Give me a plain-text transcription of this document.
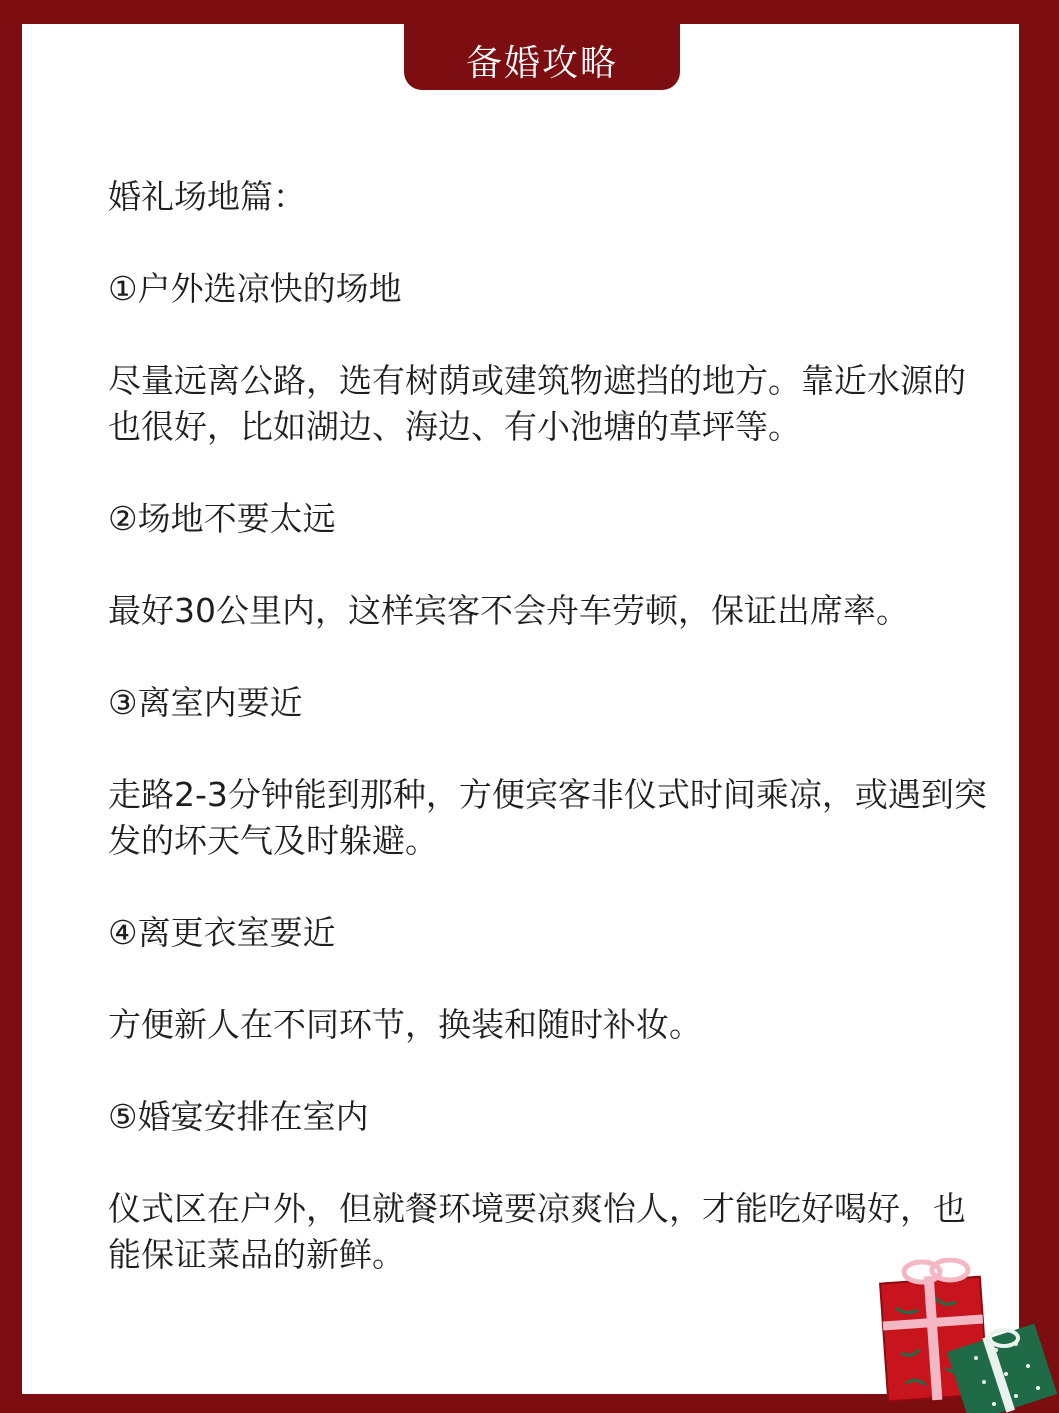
备婚攻略

婚礼场地篇：

①户外选凉快的场地

尽量远离公路，选有树荫或建筑物遮挡的地方。靠近水源的也很好，比如湖边、海边、有小池塘的草坪等。

②场地不要太远

最好30公里内，这样宾客不会舟车劳顿，保证出席率。

③离室内要近

走路2-3分钟能到那种，方便宾客非仪式时间乘凉，或遇到突发的坏天气及时躲避。

④离更衣室要近

方便新人在不同环节，换装和随时补妆。

⑤婚宴安排在室内

仪式区在户外，但就餐环境要凉爽怡人，才能吃好喝好，也能保证菜品的新鲜。
